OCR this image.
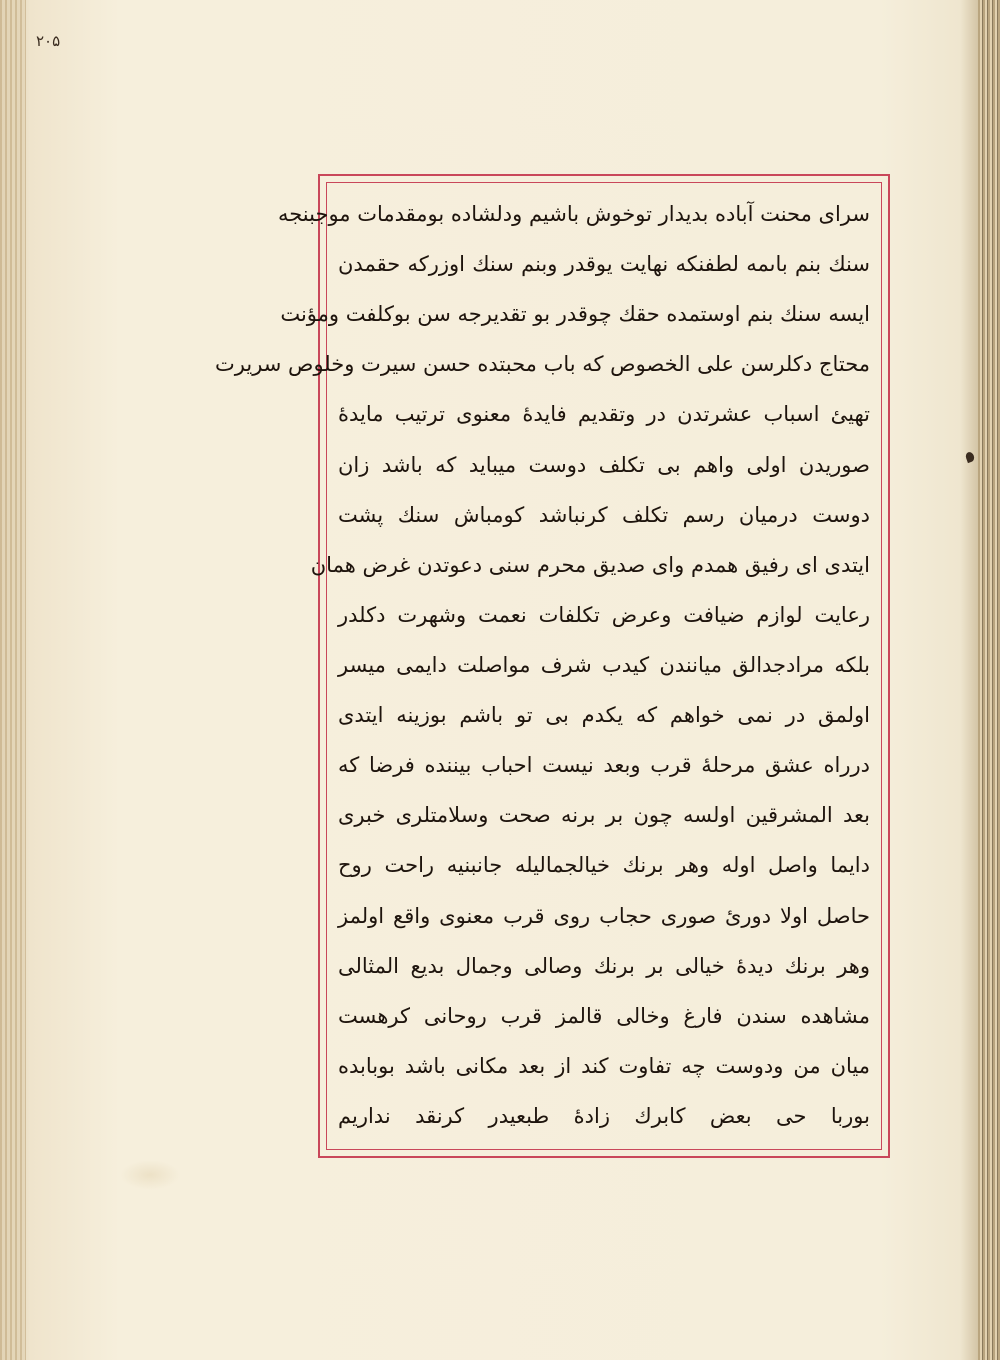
۲۰۵
سرای محنت آباده بدیدار توخوش باشیم ودلشاده بومقدمات موجبنجه
سنك بنم باىمه لطفنكه نهايت يوقدر وبنم سنك اوزركه حقمدن
ايسه سنك بنم اوستمده حقك چوقدر بو تقديرجه سن بوكلفت ومؤنت
محتاج دكلرسن على الخصوص كه باب محبتده حسن سيرت وخلوص سريرت
تهيئ اسباب عشرتدن در وتقديم فايدهٔ معنوى ترتيب مايدهٔ
صوريدن اولى واهم بى تكلف دوست ميبايد كه باشد زان
دوست درميان رسم تكلف كرنباشد كومباش سنك پشت
ايتدى اى رفيق همدم واى صديق محرم سنى دعوتدن غرض همان
رعايت لوازم ضيافت وعرض تكلفات نعمت وشهرت دكلدر
بلكه مرادجدالق ميانندن كيدب شرف مواصلت دايمى ميسر
اولمق در نمى خواهم كه يكدم بى تو باشم بوزينه ايتدى
درراه عشق مرحلهٔ قرب وبعد نيست احباب بيننده فرضا كه
بعد المشرقين اولسه چون بر برنه صحت وسلامتلرى خبرى
دايما واصل اوله وهر برنك خيالجماليله جانبنيه راحت روح
حاصل اولا دورىٔ صورى حجاب روى قرب معنوى واقع اولمز
وهر برنك ديدهٔ خيالى بر برنك وصالى وجمال بديع المثالى
مشاهده سندن فارغ وخالى قالمز قرب روحانى كرهست
ميان من ودوست چه تفاوت كند از بعد مكانى باشد بوبابده
بوربا حى بعض كابرك زادهٔ طبعيدر كرنقد نداريم
